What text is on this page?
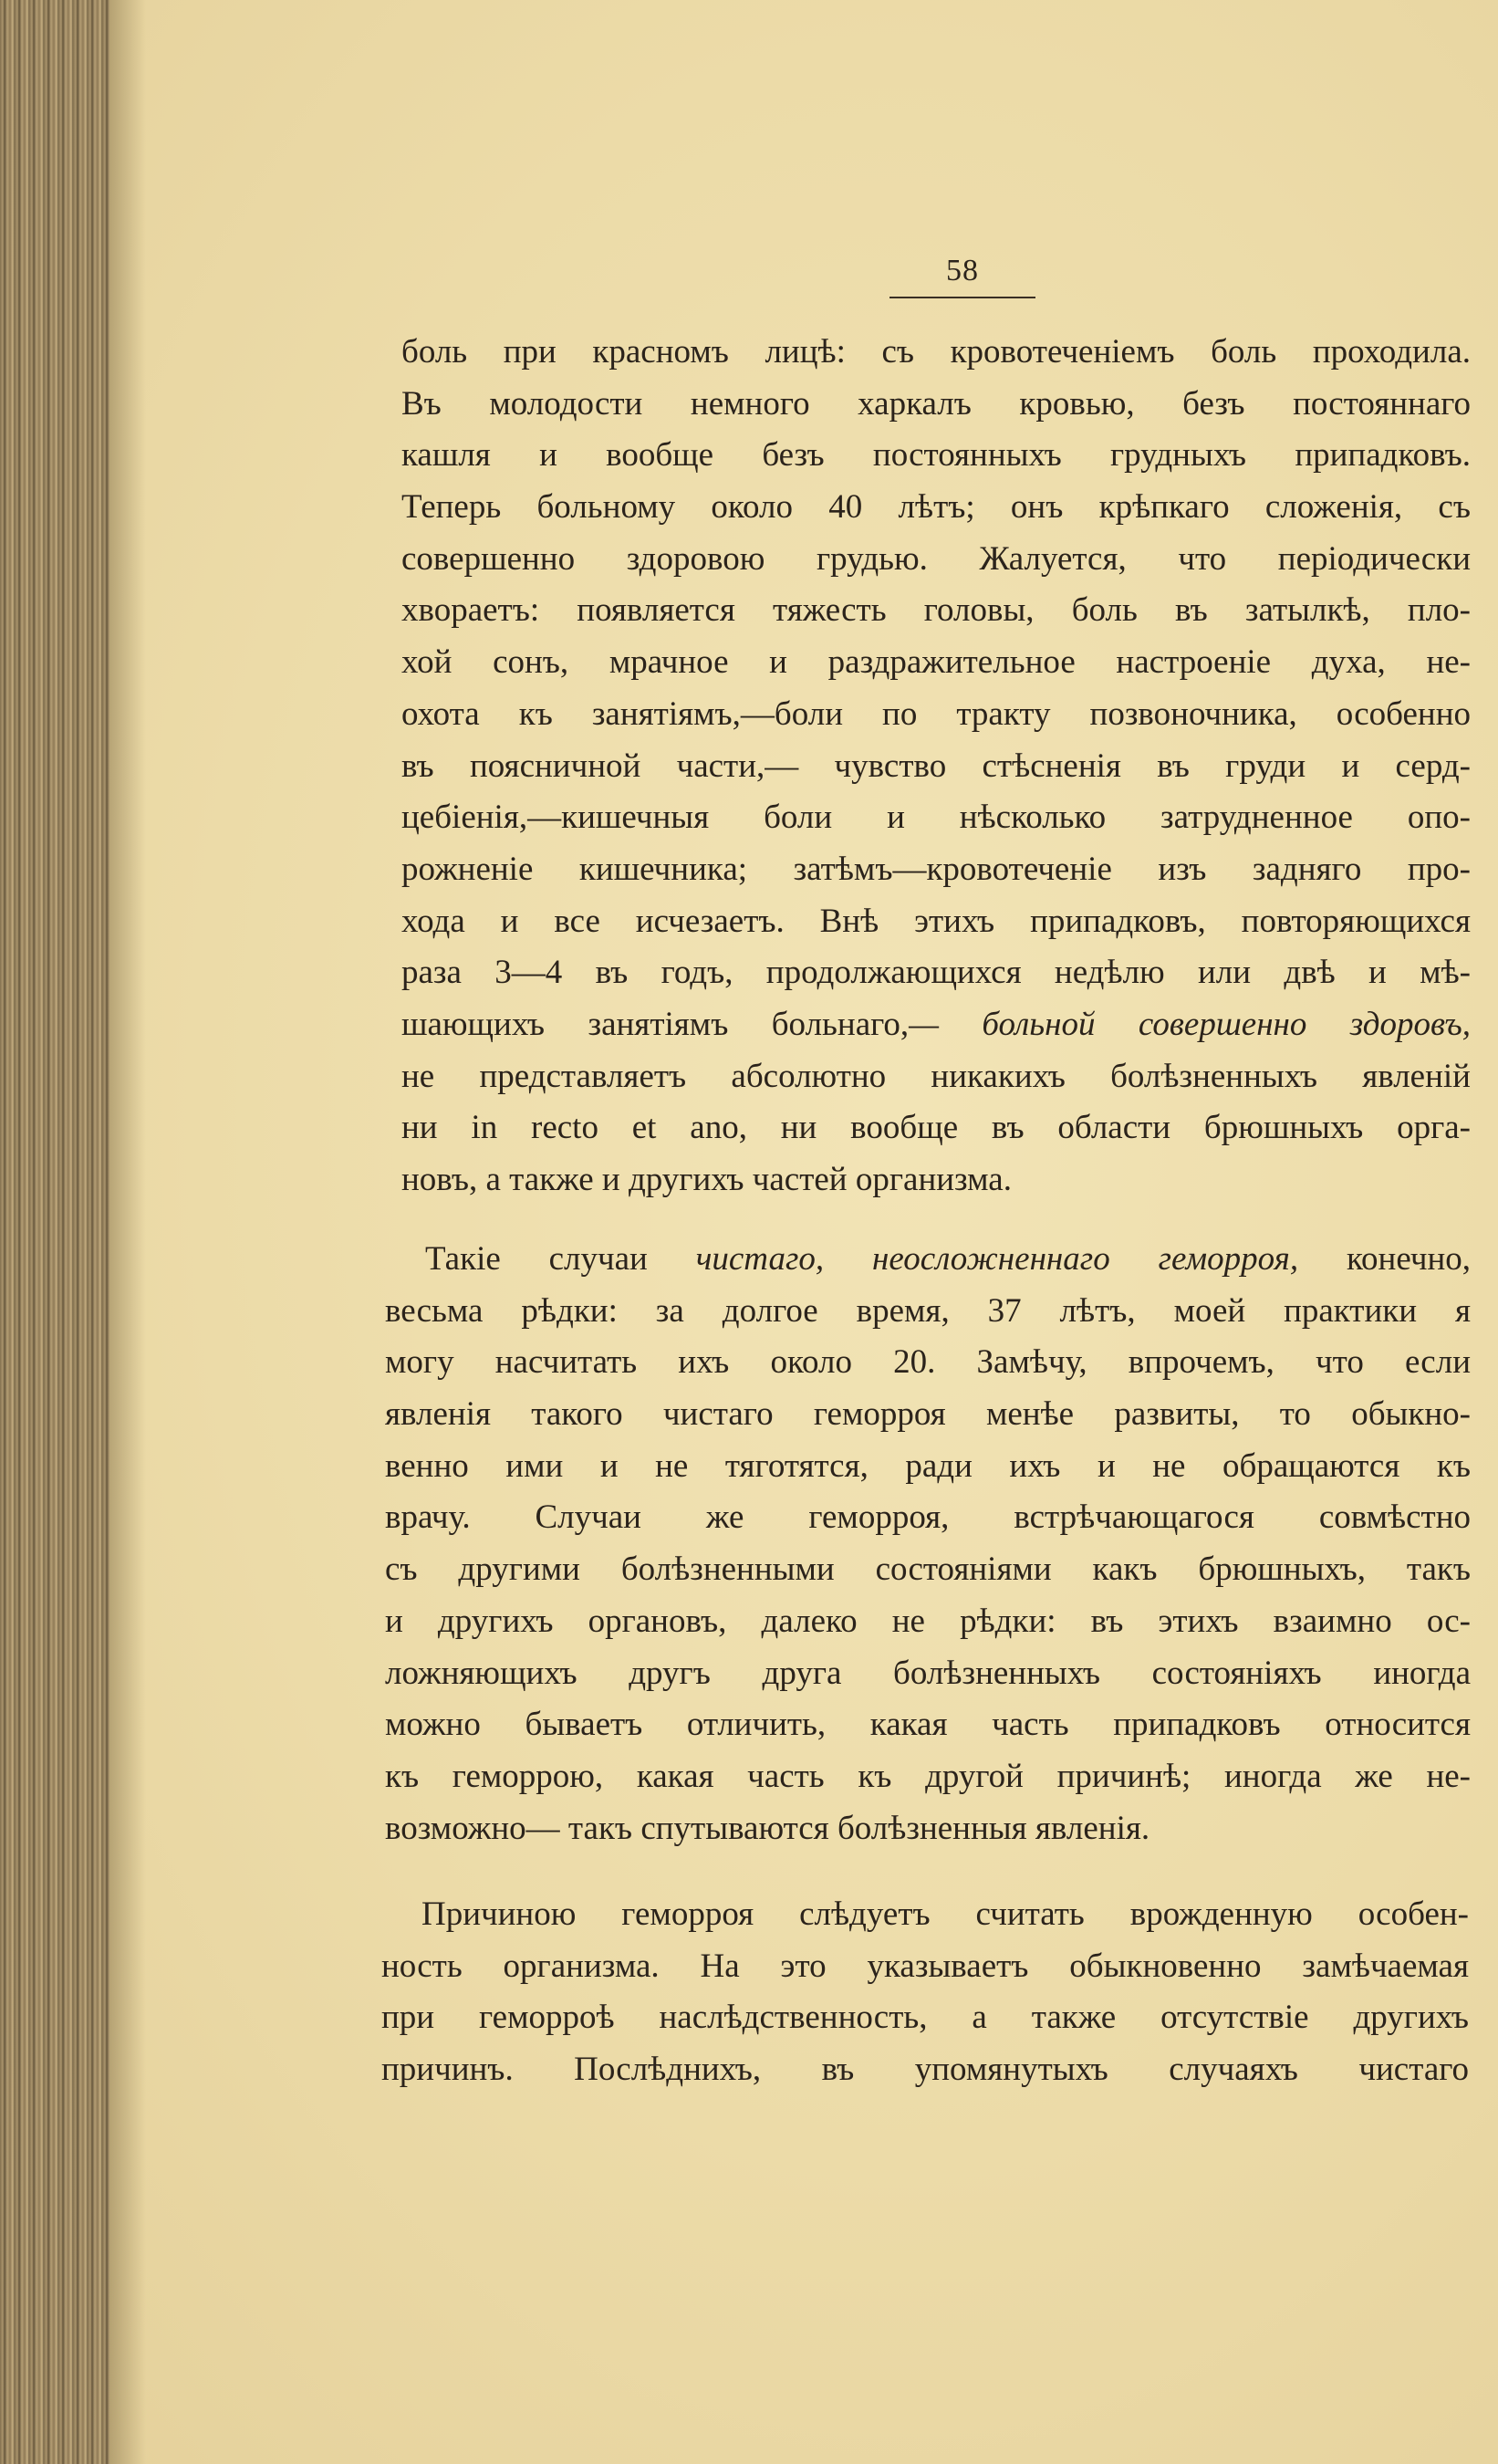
58
боль при красномъ лицѣ: съ кровотеченіемъ боль проходила.
Въ молодости немного харкалъ кровью, безъ постояннаго
кашля и вообще безъ постоянныхъ грудныхъ припадковъ.
Теперь больному около 40 лѣтъ; онъ крѣпкаго сложенія, съ
совершенно здоровою грудью. Жалуется, что періодически
хвораетъ: появляется тяжесть головы, боль въ затылкѣ, пло-
хой сонъ, мрачное и раздражительное настроеніе духа, не-
охота къ занятіямъ,—боли по тракту позвоночника, особенно
въ поясничной части,— чувство стѣсненія въ груди и серд-
цебіенія,—кишечныя боли и нѣсколько затрудненное опо-
рожненіе кишечника; затѣмъ—кровотеченіе изъ задняго про-
хода и все исчезаетъ. Внѣ этихъ припадковъ, повторяющихся
раза 3—4 въ годъ, продолжающихся недѣлю или двѣ и мѣ-
шающихъ занятіямъ больнаго,— больной совершенно здоровъ,
не представляетъ абсолютно никакихъ болѣзненныхъ явленій
ни in recto et ano, ни вообще въ области брюшныхъ орга-
новъ, а также и другихъ частей организма.
Такіе случаи чистаго, неосложненнаго геморроя, конечно,
весьма рѣдки: за долгое время, 37 лѣтъ, моей практики я
могу насчитать ихъ около 20. Замѣчу, впрочемъ, что если
явленія такого чистаго геморроя менѣе развиты, то обыкно-
венно ими и не тяготятся, ради ихъ и не обращаются къ
врачу. Случаи же геморроя, встрѣчающагося совмѣстно
съ другими болѣзненными состояніями какъ брюшныхъ, такъ
и другихъ органовъ, далеко не рѣдки: въ этихъ взаимно ос-
ложняющихъ другъ друга болѣзненныхъ состояніяхъ иногда
можно бываетъ отличить, какая часть припадковъ относится
къ геморрою, какая часть къ другой причинѣ; иногда же не-
возможно— такъ спутываются болѣзненныя явленія.
Причиною геморроя слѣдуетъ считать врожденную особен-
ность организма. На это указываетъ обыкновенно замѣчаемая
при геморроѣ наслѣдственность, а также отсутствіе другихъ
причинъ. Послѣднихъ, въ упомянутыхъ случаяхъ чистаго
